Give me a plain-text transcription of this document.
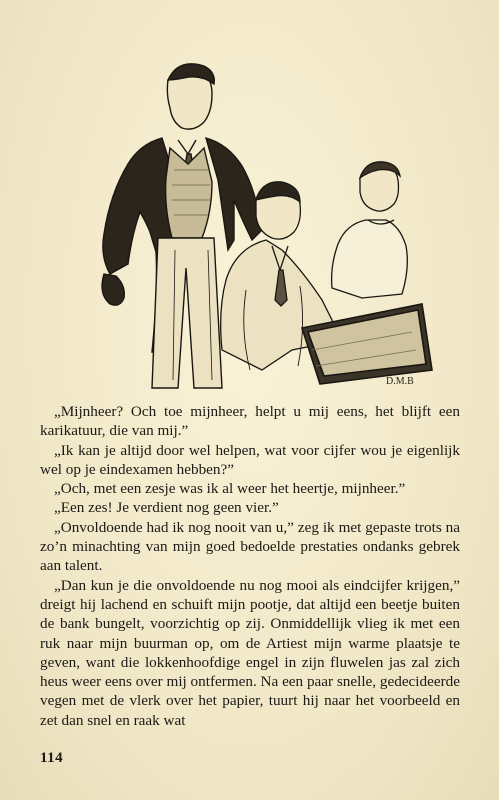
D.M.B

„Mijnheer? Och toe mijnheer, helpt u mij eens, het blijft een karikatuur, die van mij.”

„Ik kan je altijd door wel helpen, wat voor cijfer wou je eigenlijk wel op je eindexamen hebben?”

„Och, met een zesje was ik al weer het heertje, mijnheer.”

„Een zes! Je verdient nog geen vier.”

„Onvoldoende had ik nog nooit van u,” zeg ik met gepaste trots na zo’n minachting van mijn goed bedoelde prestaties ondanks gebrek aan talent.

„Dan kun je die onvoldoende nu nog mooi als eindcijfer krijgen,” dreigt hij lachend en schuift mijn pootje, dat altijd een beetje buiten de bank bungelt, voorzichtig op zij. Onmiddellijk vlieg ik met een ruk naar mijn buurman op, om de Artiest mijn warme plaatsje te geven, want die lokkenhoofdige engel in zijn fluwelen jas zal zich heus weer eens over mij ontfermen. Na een paar snelle, gedecideerde vegen met de vlerk over het papier, tuurt hij naar het voorbeeld en zet dan snel en raak wat

114
